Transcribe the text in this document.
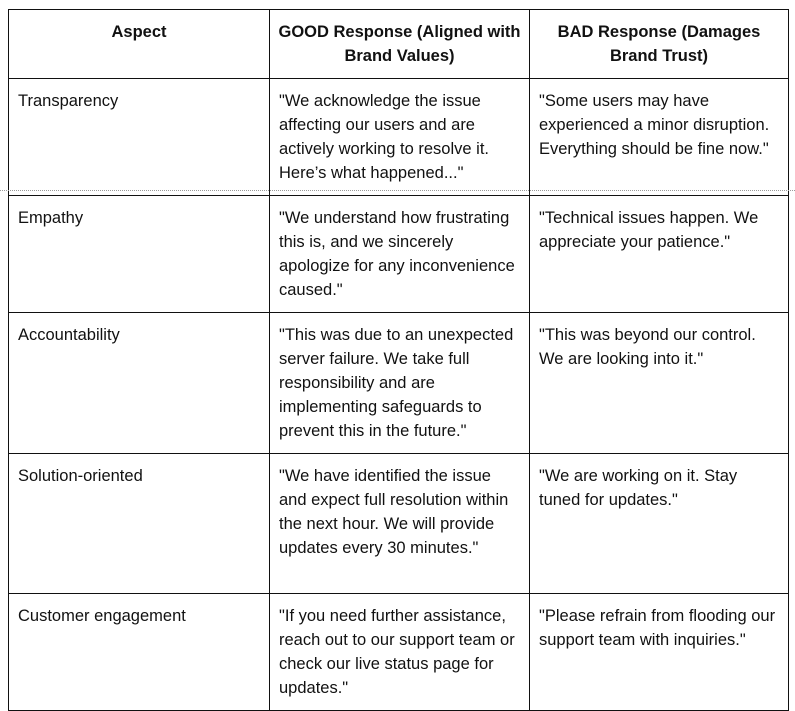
Aspect	GOOD Response (Aligned with Brand Values)	BAD Response (Damages Brand Trust)
Transparency	"We acknowledge the issue affecting our users and are actively working to resolve it. Here’s what happened..."	"Some users may have experienced a minor disruption. Everything should be fine now."
Empathy	"We understand how frustrating this is, and we sincerely apologize for any inconvenience caused."	"Technical issues happen. We appreciate your patience."
Accountability	"This was due to an unexpected server failure. We take full responsibility and are implementing safeguards to prevent this in the future."	"This was beyond our control. We are looking into it."
Solution-oriented	"We have identified the issue and expect full resolution within the next hour. We will provide updates every 30 minutes."	"We are working on it. Stay tuned for updates."
Customer engagement	"If you need further assistance, reach out to our support team or check our live status page for updates."	"Please refrain from flooding our support team with inquiries."
